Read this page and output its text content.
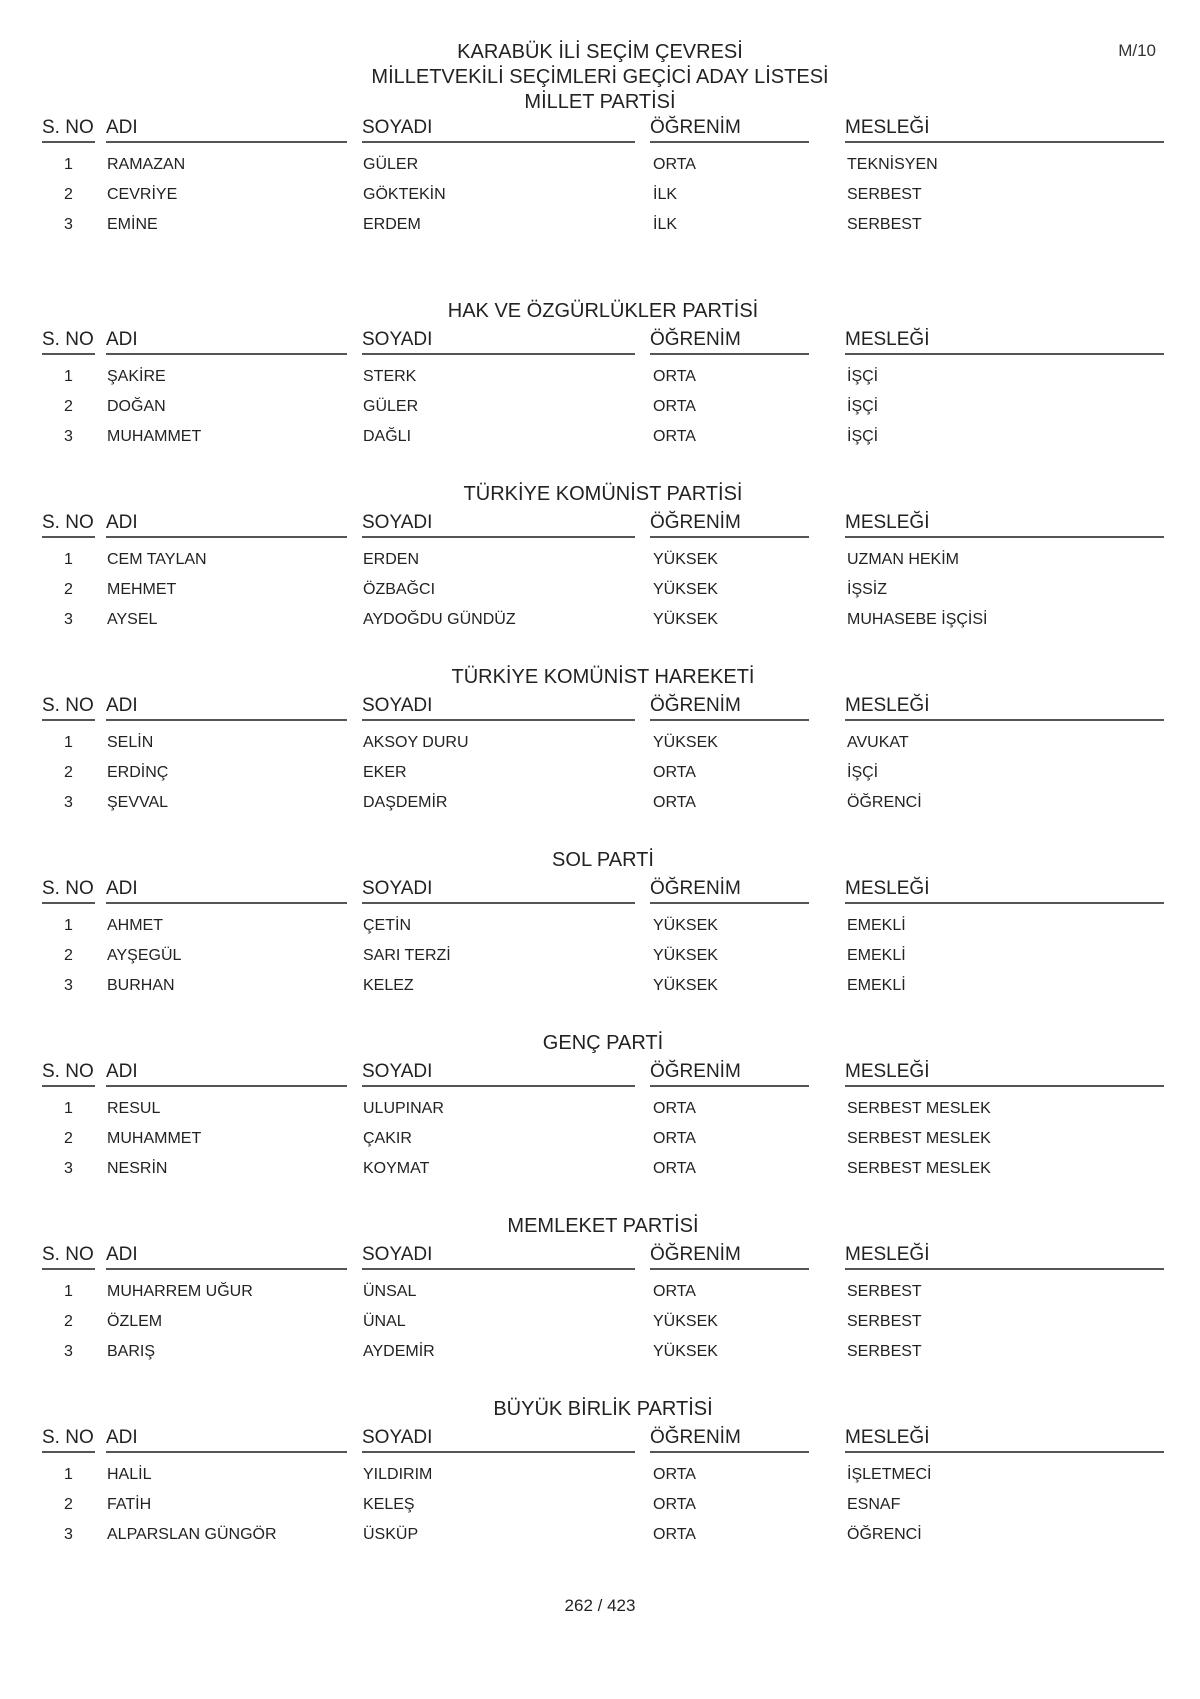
M/10
KARABÜK İLİ SEÇİM ÇEVRESİ
MİLLETVEKİLİ SEÇİMLERİ GEÇİCİ ADAY LİSTESİ
MİLLET PARTİSİ
S. NO ADI	SOYADI	ÖĞRENİM	MESLEĞİ
1	RAMAZAN	GÜLER	ORTA	TEKNİSYEN
2	CEVRİYE	GÖKTEKİN	İLK	SERBEST
3	EMİNE	ERDEM	İLK	SERBEST
HAK VE ÖZGÜRLÜKLER PARTİSİ
S. NO ADI	SOYADI	ÖĞRENİM	MESLEĞİ
1	ŞAKİRE	STERK	ORTA	İŞÇİ
2	DOĞAN	GÜLER	ORTA	İŞÇİ
3	MUHAMMET	DAĞLI	ORTA	İŞÇİ
TÜRKİYE KOMÜNİST PARTİSİ
S. NO ADI	SOYADI	ÖĞRENİM	MESLEĞİ
1	CEM TAYLAN	ERDEN	YÜKSEK	UZMAN HEKİM
2	MEHMET	ÖZBAĞCI	YÜKSEK	İŞSİZ
3	AYSEL	AYDOĞDU GÜNDÜZ	YÜKSEK	MUHASEBE İŞÇİSİ
TÜRKİYE KOMÜNİST HAREKETİ
S. NO ADI	SOYADI	ÖĞRENİM	MESLEĞİ
1	SELİN	AKSOY DURU	YÜKSEK	AVUKAT
2	ERDİNÇ	EKER	ORTA	İŞÇİ
3	ŞEVVAL	DAŞDEMİR	ORTA	ÖĞRENCİ
SOL PARTİ
S. NO ADI	SOYADI	ÖĞRENİM	MESLEĞİ
1	AHMET	ÇETİN	YÜKSEK	EMEKLİ
2	AYŞEGÜL	SARI TERZİ	YÜKSEK	EMEKLİ
3	BURHAN	KELEZ	YÜKSEK	EMEKLİ
GENÇ PARTİ
S. NO ADI	SOYADI	ÖĞRENİM	MESLEĞİ
1	RESUL	ULUPINAR	ORTA	SERBEST MESLEK
2	MUHAMMET	ÇAKIR	ORTA	SERBEST MESLEK
3	NESRİN	KOYMAT	ORTA	SERBEST MESLEK
MEMLEKET PARTİSİ
S. NO ADI	SOYADI	ÖĞRENİM	MESLEĞİ
1	MUHARREM UĞUR	ÜNSAL	ORTA	SERBEST
2	ÖZLEM	ÜNAL	YÜKSEK	SERBEST
3	BARIŞ	AYDEMİR	YÜKSEK	SERBEST
BÜYÜK BİRLİK PARTİSİ
S. NO ADI	SOYADI	ÖĞRENİM	MESLEĞİ
1	HALİL	YILDIRIM	ORTA	İŞLETMECİ
2	FATİH	KELEŞ	ORTA	ESNAF
3	ALPARSLAN GÜNGÖR	ÜSKÜP	ORTA	ÖĞRENCİ
262 / 423
